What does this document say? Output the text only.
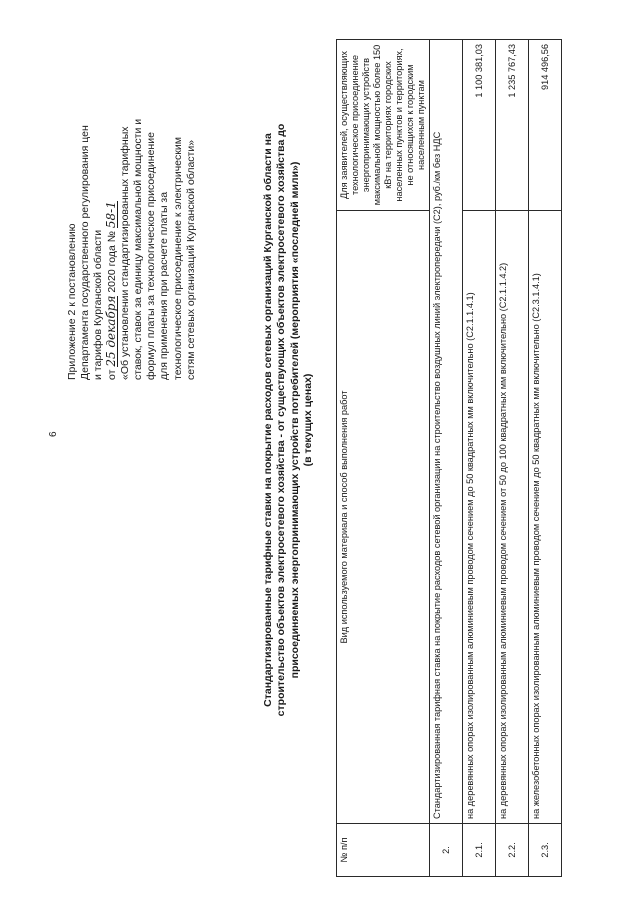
6
Приложение 2 к постановлению Департамента государственного регулирования цен и тарифов Курганской области от 25 декабря 2020 года № 58-1 «Об установлении стандартизированных тарифных ставок, ставок за единицу максимальной мощности и формул платы за технологическое присоединение для применения при расчете платы за технологическое присоединение к электрическим сетям сетевых организаций Курганской области»	Стандартизированные тарифные ставки на покрытие расходов сетевых организаций Курганской области на строительство объектов электросетевого хозяйства - от существующих объектов электросетевого хозяйства до присоединяемых энергопринимающих устройств потребителей (мероприятия «последней мили») (в текущих ценах)
№ п/п	Вид используемого материала и способ выполнения работ	Для заявителей, осуществляющих технологическое присоединение энергопринимающих устройств максимальной мощностью более 150 кВт на территориях городских населенных пунктов и территориях, не относящихся к городским населенным пунктам
2.	Стандартизированная тарифная ставка на покрытие расходов сетевой организации на строительство воздушных линий электропередачи (С2), руб./км без НДС	
2.1.	на деревянных опорах изолированным алюминиевым проводом сечением до 50 квадратных мм включительно (С2.1.1.4.1)	1 100 381,03
2.2.	на деревянных опорах изолированным алюминиевым проводом сечением от 50 до 100 квадратных мм включительно (С2.1.1.4.2)	1 235 767,43
2.3.	на железобетонных опорах изолированным алюминиевым проводом сечением до 50 квадратных мм включительно (С2.3.1.4.1)	914 496,56
